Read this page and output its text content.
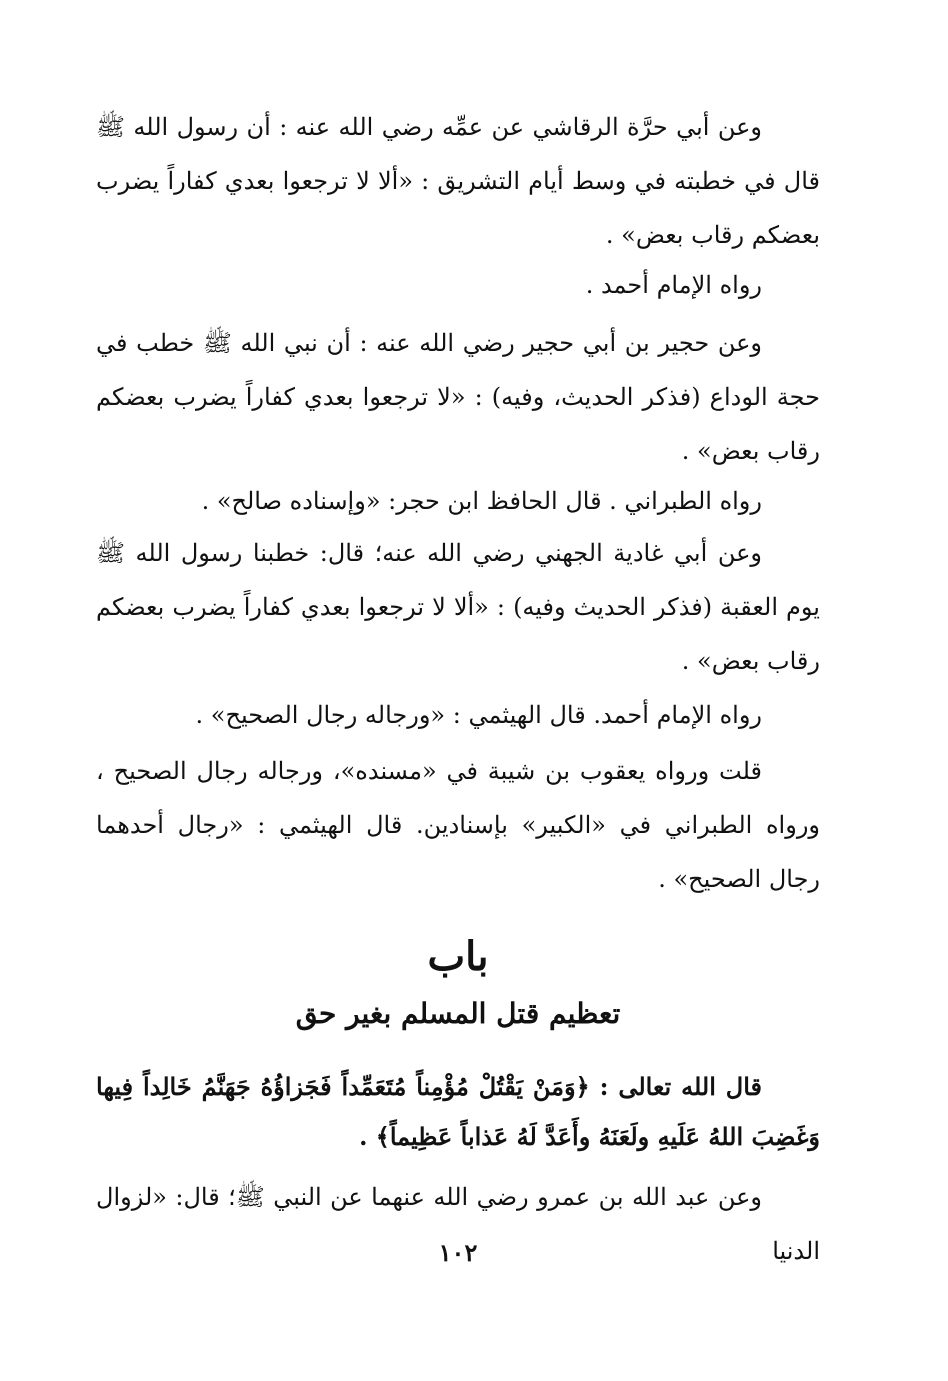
وعن أبي حرَّة الرقاشي عن عمِّه رضي الله عنه : أن رسول الله ﷺ قال في خطبته في وسط أيام التشريق : «ألا لا ترجعوا بعدي كفاراً يضرب بعضكم رقاب بعض» .

رواه الإمام أحمد .

وعن حجير بن أبي حجير رضي الله عنه : أن نبي الله ﷺ خطب في حجة الوداع (فذكر الحديث، وفيه) : «لا ترجعوا بعدي كفاراً يضرب بعضكم رقاب بعض» .

رواه الطبراني . قال الحافظ ابن حجر: «وإسناده صالح» .

وعن أبي غادية الجهني رضي الله عنه؛ قال: خطبنا رسول الله ﷺ يوم العقبة (فذكر الحديث وفيه) : «ألا لا ترجعوا بعدي كفاراً يضرب بعضكم رقاب بعض» .

رواه الإمام أحمد. قال الهيثمي : «ورجاله رجال الصحيح» .

قلت ورواه يعقوب بن شيبة في «مسنده»، ورجاله رجال الصحيح ، ورواه الطبراني في «الكبير» بإسنادين. قال الهيثمي : «رجال أحدهما رجال الصحيح» .

باب
تعظيم قتل المسلم بغير حق

قال الله تعالى : ﴿وَمَنْ يَقْتُلْ مُؤْمِناً مُتَعَمِّداً فَجَزاؤُهُ جَهَنَّمُ خَالِداً فِيها وَغَضِبَ اللهُ عَلَيهِ ولَعَنَهُ وأَعَدَّ لَهُ عَذاباً عَظِيماً﴾ .

وعن عبد الله بن عمرو رضي الله عنهما عن النبي ﷺ؛ قال: «لزوال الدنيا

١٠٢
